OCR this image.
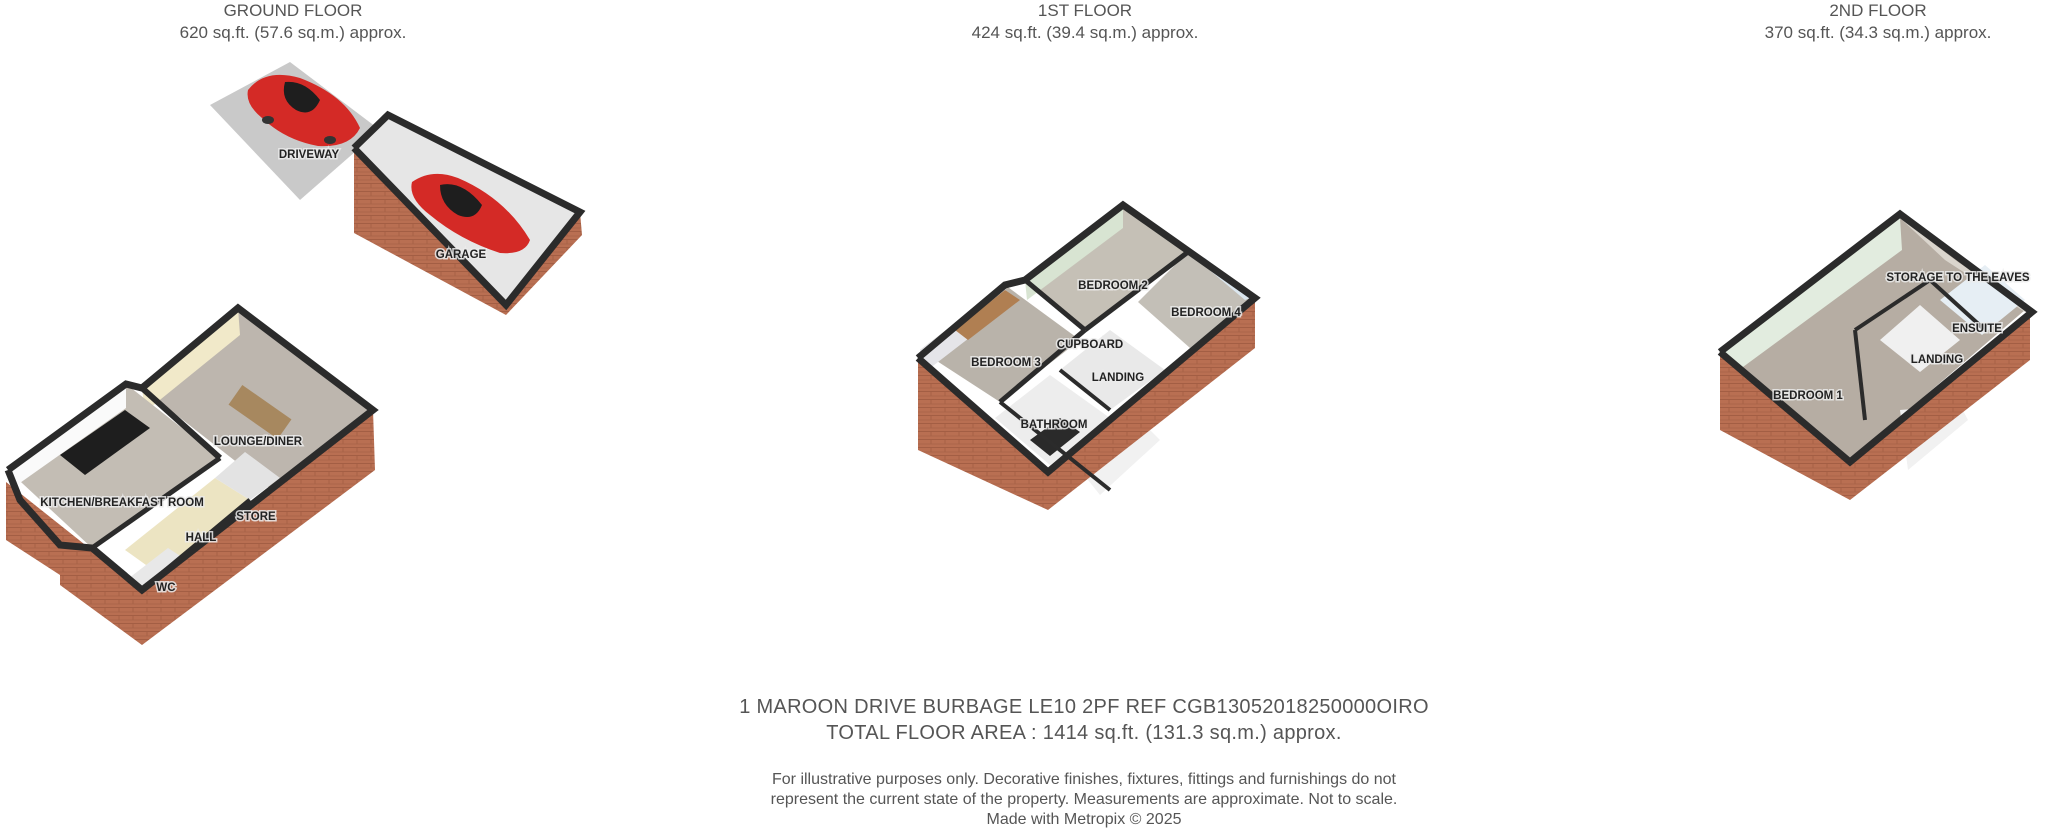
GROUND FLOOR
620 sq.ft. (57.6 sq.m.) approx.
1ST FLOOR
424 sq.ft. (39.4 sq.m.) approx.
2ND FLOOR
370 sq.ft. (34.3 sq.m.) approx.
DRIVEWAY
GARAGE
LOUNGE/DINER
KITCHEN/BREAKFAST ROOM
STORE
HALL
WC
BEDROOM 2
BEDROOM 4
CUPBOARD
BEDROOM 3
LANDING
BATHROOM
STORAGE TO THE EAVES
ENSUITE
LANDING
BEDROOM 1
1 MAROON DRIVE BURBAGE LE10 2PF REF CGB13052018250000OIRO
TOTAL FLOOR AREA : 1414 sq.ft. (131.3 sq.m.) approx.
For illustrative purposes only. Decorative finishes, fixtures, fittings and furnishings do not
represent the current state of the property. Measurements are approximate. Not to scale.
Made with Metropix © 2025
